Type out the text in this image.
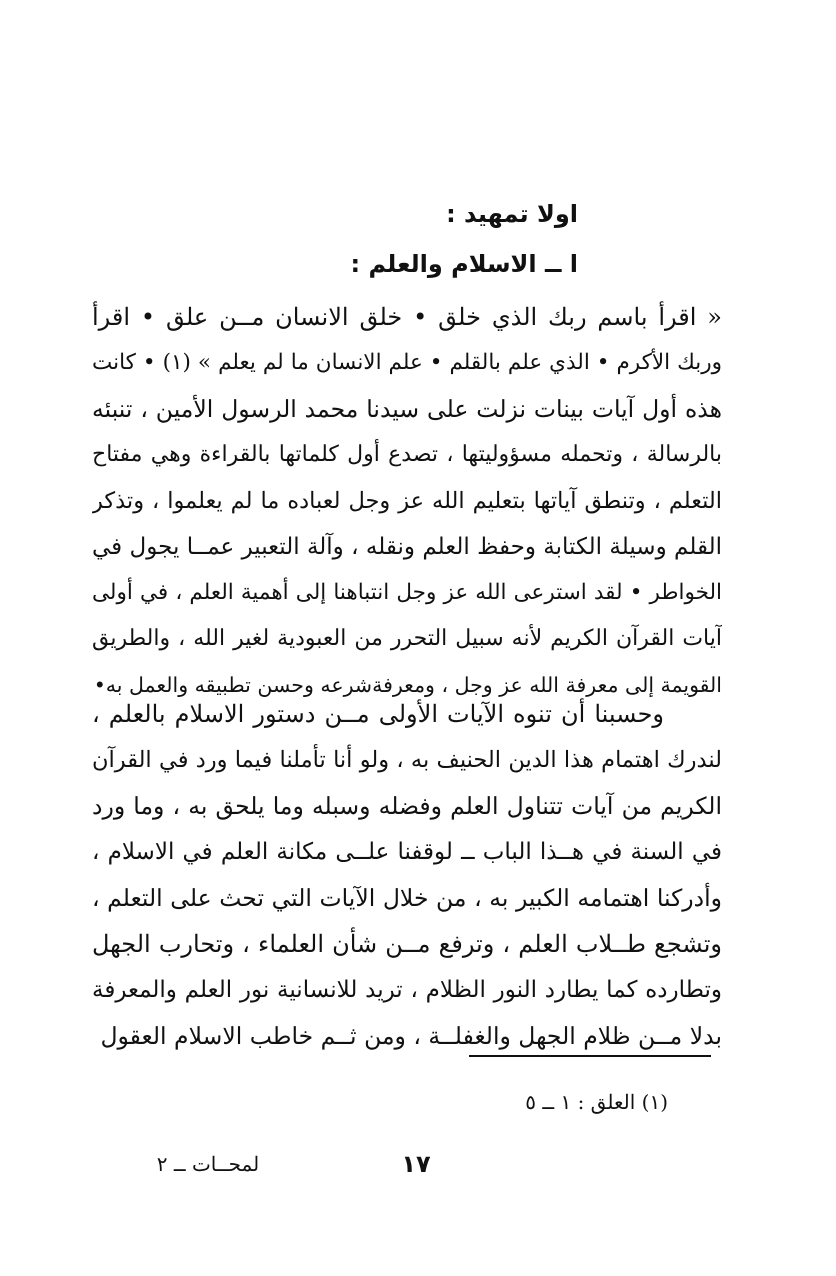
اولا تمهيد :
ا ــ الاسلام والعلم :
« اقرأ باسم ربك الذي خلق • خلق الانسان مــن علق • اقرأ
وربك الأكرم • الذي علم بالقلم • علم الانسان ما لم يعلم » (١) • كانت
هذه أول آيات بينات نزلت على سيدنا محمد الرسول الأمين ، تنبئه
بالرسالة ، وتحمله مسؤوليتها ، تصدع أول كلماتها بالقراءة وهي مفتاح
التعلم ، وتنطق آياتها بتعليم الله عز وجل لعباده ما لم يعلموا ، وتذكر
القلم وسيلة الكتابة وحفظ العلم ونقله ، وآلة التعبير عمــا يجول في
الخواطر • لقد استرعى الله عز وجل انتباهنا إلى أهمية العلم ، في أولى
آيات القرآن الكريم لأنه سبيل التحرر من العبودية لغير الله ، والطريق
القويمة إلى معرفة الله عز وجل ، ومعرفةشرعه وحسن تطبيقه والعمل به•
وحسبنا أن تنوه الآيات الأولى مــن دستور الاسلام بالعلم ،
لندرك اهتمام هذا الدين الحنيف به ، ولو أنا تأملنا فيما ورد في القرآن
الكريم من آيات تتناول العلم وفضله وسبله وما يلحق به ، وما ورد
في السنة في هــذا الباب ــ لوقفنا علــى مكانة العلم في الاسلام ،
وأدركنا اهتمامه الكبير به ، من خلال الآيات التي تحث على التعلم ،
وتشجع طــلاب العلم ، وترفع مــن شأن العلماء ، وتحارب الجهل
وتطارده كما يطارد النور الظلام ، تريد للانسانية نور العلم والمعرفة
بدلا مــن ظلام الجهل والغفلــة ، ومن ثــم خاطب الاسلام العقول
(١) العلق : ١ ــ ٥
١٧
لمحــات ــ ٢
